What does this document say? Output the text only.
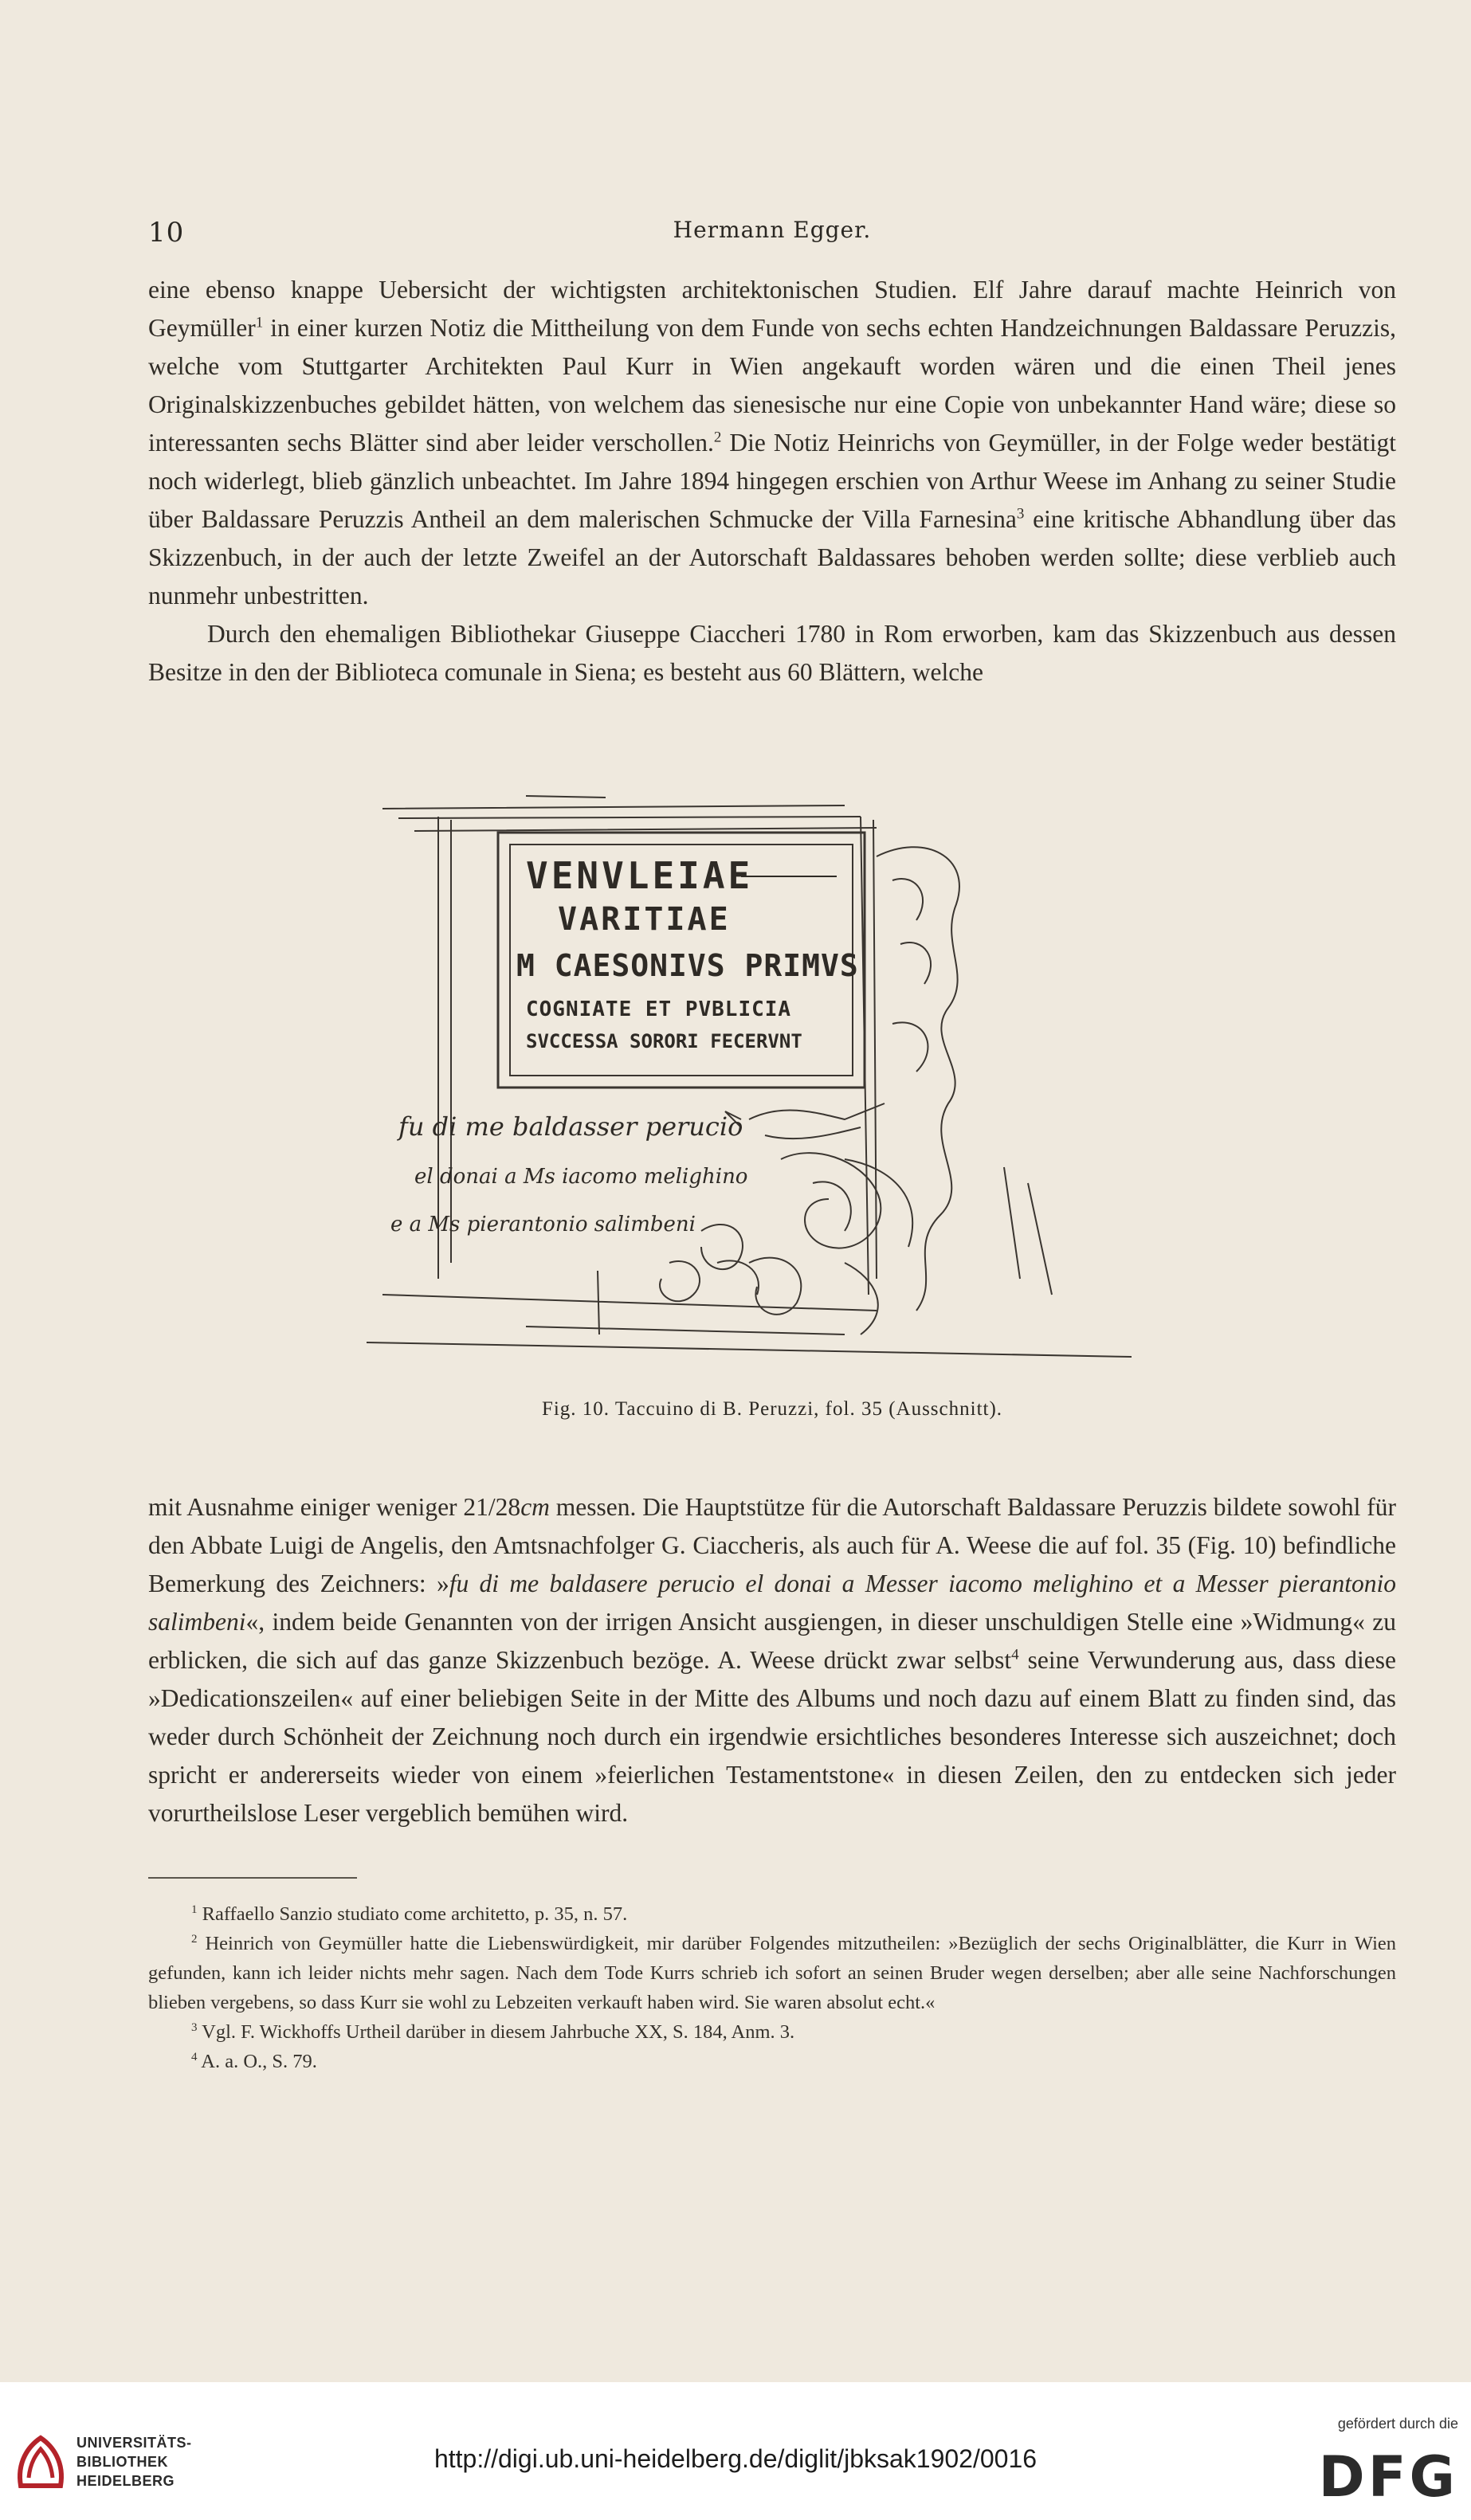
10	Hermann Egger.

eine ebenso knappe Uebersicht der wichtigsten architektonischen Studien. Elf Jahre darauf machte Heinrich von Geymüller$^1$ in einer kurzen Notiz die Mittheilung von dem Funde von sechs echten Handzeichnungen Baldassare Peruzzis, welche vom Stuttgarter Architekten Paul Kurr in Wien angekauft worden wären und die einen Theil jenes Originalskizzenbuches gebildet hätten, von welchem das sienesische nur eine Copie von unbekannter Hand wäre; diese so interessanten sechs Blätter sind aber leider verschollen.$^2$ Die Notiz Heinrichs von Geymüller, in der Folge weder bestätigt noch widerlegt, blieb gänzlich unbeachtet. Im Jahre 1894 hingegen erschien von Arthur Weese im Anhang zu seiner Studie über Baldassare Peruzzis Antheil an dem malerischen Schmucke der Villa Farnesina$^3$ eine kritische Abhandlung über das Skizzenbuch, in der auch der letzte Zweifel an der Autorschaft Baldassares behoben werden sollte; diese verblieb auch nunmehr unbestritten.

Durch den ehemaligen Bibliothekar Giuseppe Ciaccheri 1780 in Rom erworben, kam das Skizzenbuch aus dessen Besitze in den der Biblioteca comunale in Siena; es besteht aus 60 Blättern, welche

VENVLEIAE
VARITIAE
M CAESONIVS PRIMVS
COGNIATE ET PVBLICIA
SVCCESSA SORORI FECERVNT
fu di me baldasser perucio
el donai a Ms iacomo melighino
e a Ms pierantonio salimbeni
Fig. 10. Taccuino di B. Peruzzi, fol. 35 (Ausschnitt).

mit Ausnahme einiger weniger 21/28cm messen. Die Hauptstütze für die Autorschaft Baldassare Peruzzis bildete sowohl für den Abbate Luigi de Angelis, den Amtsnachfolger G. Ciaccheris, als auch für A. Weese die auf fol. 35 (Fig. 10) befindliche Bemerkung des Zeichners: »fu di me baldasere perucio el donai a Messer iacomo melighino et a Messer pierantonio salimbeni«, indem beide Genannten von der irrigen Ansicht ausgiengen, in dieser unschuldigen Stelle eine »Widmung« zu erblicken, die sich auf das ganze Skizzenbuch bezöge. A. Weese drückt zwar selbst$^4$ seine Verwunderung aus, dass diese »Dedicationszeilen« auf einer beliebigen Seite in der Mitte des Albums und noch dazu auf einem Blatt zu finden sind, das weder durch Schönheit der Zeichnung noch durch ein irgendwie ersichtliches besonderes Interesse sich auszeichnet; doch spricht er andererseits wieder von einem »feierlichen Testamentstone« in diesen Zeilen, den zu entdecken sich jeder vorurtheilslose Leser vergeblich bemühen wird.

$^1$ Raffaello Sanzio studiato come architetto, p. 35, n. 57.

$^2$ Heinrich von Geymüller hatte die Liebenswürdigkeit, mir darüber Folgendes mitzutheilen: »Bezüglich der sechs Originalblätter, die Kurr in Wien gefunden, kann ich leider nichts mehr sagen. Nach dem Tode Kurrs schrieb ich sofort an seinen Bruder wegen derselben; aber alle seine Nachforschungen blieben vergebens, so dass Kurr sie wohl zu Lebzeiten verkauft haben wird. Sie waren absolut echt.«

$^3$ Vgl. F. Wickhoffs Urtheil darüber in diesem Jahrbuche XX, S. 184, Anm. 3.

$^4$ A. a. O., S. 79.

UNIVERSITÄTS-
BIBLIOTHEK
HEIDELBERG
http://digi.ub.uni-heidelberg.de/diglit/jbksak1902/0016
gefördert durch die
DFG
